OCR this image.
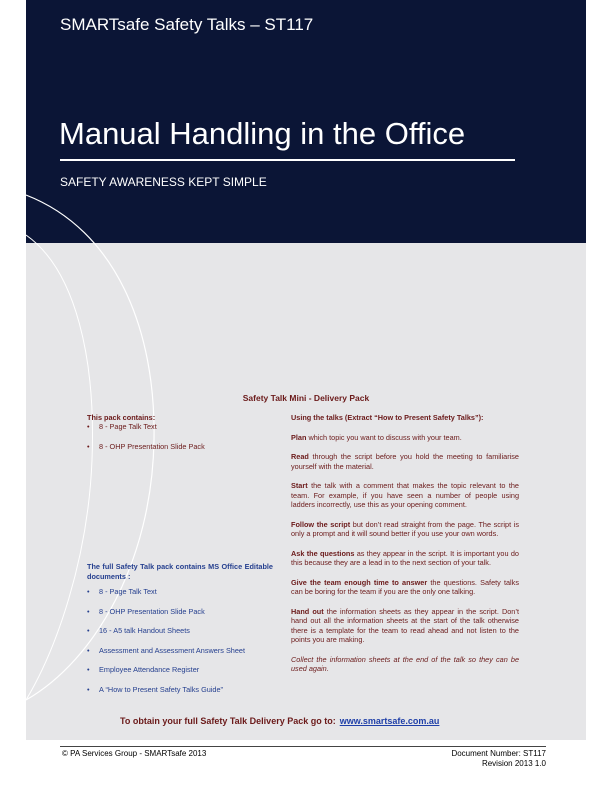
SMARTsafe Safety Talks – ST117
Manual Handling in the Office
SAFETY AWARENESS KEPT SIMPLE
Safety Talk Mini - Delivery Pack
This pack contains:
• 8 - Page Talk Text
• 8 - OHP Presentation Slide Pack
The full Safety Talk pack contains MS Office Editable documents :
• 8 - Page Talk Text
• 8 - OHP Presentation Slide Pack
• 16 - A5 talk Handout Sheets
• Assessment and Assessment Answers Sheet
• Employee Attendance Register
• A “How to Present Safety Talks Guide”
Using the talks (Extract “How to Present Safety Talks”):
Plan which topic you want to discuss with your team.
Read through the script before you hold the meeting to familiarise yourself with the material.
Start the talk with a comment that makes the topic relevant to the team. For example, if you have seen a number of people using ladders incorrectly, use this as your opening comment.
Follow the script but don’t read straight from the page. The script is only a prompt and it will sound better if you use your own words.
Ask the questions as they appear in the script. It is important you do this because they are a lead in to the next section of your talk.
Give the team enough time to answer the questions. Safety talks can be boring for the team if you are the only one talking.
Hand out the information sheets as they appear in the script. Don’t hand out all the information sheets at the start of the talk otherwise there is a template for the team to read ahead and not listen to the points you are making.
Collect the information sheets at the end of the talk so they can be used again.
To obtain your full Safety Talk Delivery Pack go to: www.smartsafe.com.au
© PA Services Group - SMARTsafe 2013	Document Number: ST117
Revision 2013 1.0
